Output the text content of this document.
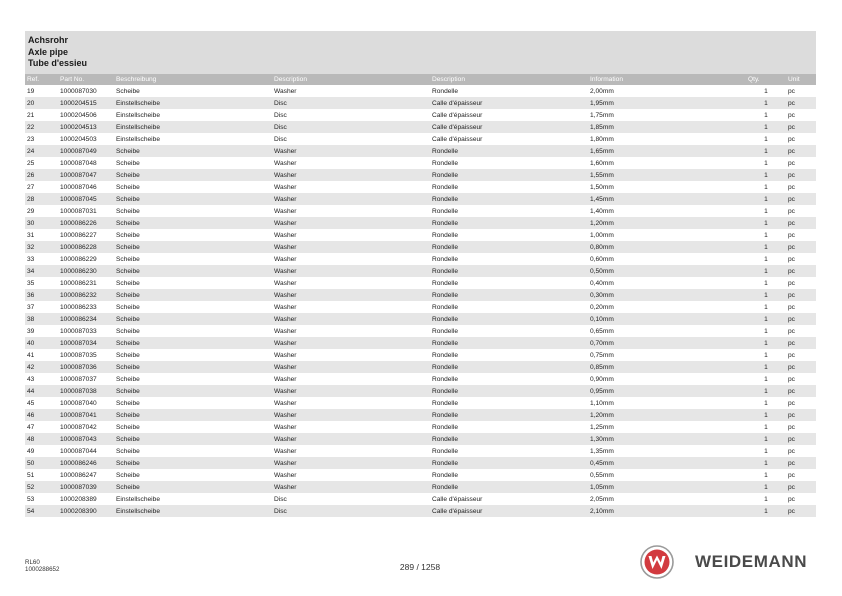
Achsrohr
Axle pipe
Tube d'essieu
Ref.	Part No.	Beschreibung	Description	Description	Information	Qty.	Unit
19	1000087030	Scheibe	Washer	Rondelle	2,00mm	1	pc
20	1000204515	Einstellscheibe	Disc	Calle d'épaisseur	1,95mm	1	pc
21	1000204506	Einstellscheibe	Disc	Calle d'épaisseur	1,75mm	1	pc
22	1000204513	Einstellscheibe	Disc	Calle d'épaisseur	1,85mm	1	pc
23	1000204503	Einstellscheibe	Disc	Calle d'épaisseur	1,80mm	1	pc
24	1000087049	Scheibe	Washer	Rondelle	1,65mm	1	pc
25	1000087048	Scheibe	Washer	Rondelle	1,60mm	1	pc
26	1000087047	Scheibe	Washer	Rondelle	1,55mm	1	pc
27	1000087046	Scheibe	Washer	Rondelle	1,50mm	1	pc
28	1000087045	Scheibe	Washer	Rondelle	1,45mm	1	pc
29	1000087031	Scheibe	Washer	Rondelle	1,40mm	1	pc
30	1000086226	Scheibe	Washer	Rondelle	1,20mm	1	pc
31	1000086227	Scheibe	Washer	Rondelle	1,00mm	1	pc
32	1000086228	Scheibe	Washer	Rondelle	0,80mm	1	pc
33	1000086229	Scheibe	Washer	Rondelle	0,60mm	1	pc
34	1000086230	Scheibe	Washer	Rondelle	0,50mm	1	pc
35	1000086231	Scheibe	Washer	Rondelle	0,40mm	1	pc
36	1000086232	Scheibe	Washer	Rondelle	0,30mm	1	pc
37	1000086233	Scheibe	Washer	Rondelle	0,20mm	1	pc
38	1000086234	Scheibe	Washer	Rondelle	0,10mm	1	pc
39	1000087033	Scheibe	Washer	Rondelle	0,65mm	1	pc
40	1000087034	Scheibe	Washer	Rondelle	0,70mm	1	pc
41	1000087035	Scheibe	Washer	Rondelle	0,75mm	1	pc
42	1000087036	Scheibe	Washer	Rondelle	0,85mm	1	pc
43	1000087037	Scheibe	Washer	Rondelle	0,90mm	1	pc
44	1000087038	Scheibe	Washer	Rondelle	0,95mm	1	pc
45	1000087040	Scheibe	Washer	Rondelle	1,10mm	1	pc
46	1000087041	Scheibe	Washer	Rondelle	1,20mm	1	pc
47	1000087042	Scheibe	Washer	Rondelle	1,25mm	1	pc
48	1000087043	Scheibe	Washer	Rondelle	1,30mm	1	pc
49	1000087044	Scheibe	Washer	Rondelle	1,35mm	1	pc
50	1000086246	Scheibe	Washer	Rondelle	0,45mm	1	pc
51	1000086247	Scheibe	Washer	Rondelle	0,55mm	1	pc
52	1000087039	Scheibe	Washer	Rondelle	1,05mm	1	pc
53	1000208389	Einstellscheibe	Disc	Calle d'épaisseur	2,05mm	1	pc
54	1000208390	Einstellscheibe	Disc	Calle d'épaisseur	2,10mm	1	pc
RL60
1000288652	289 / 1258	WEIDEMANN
